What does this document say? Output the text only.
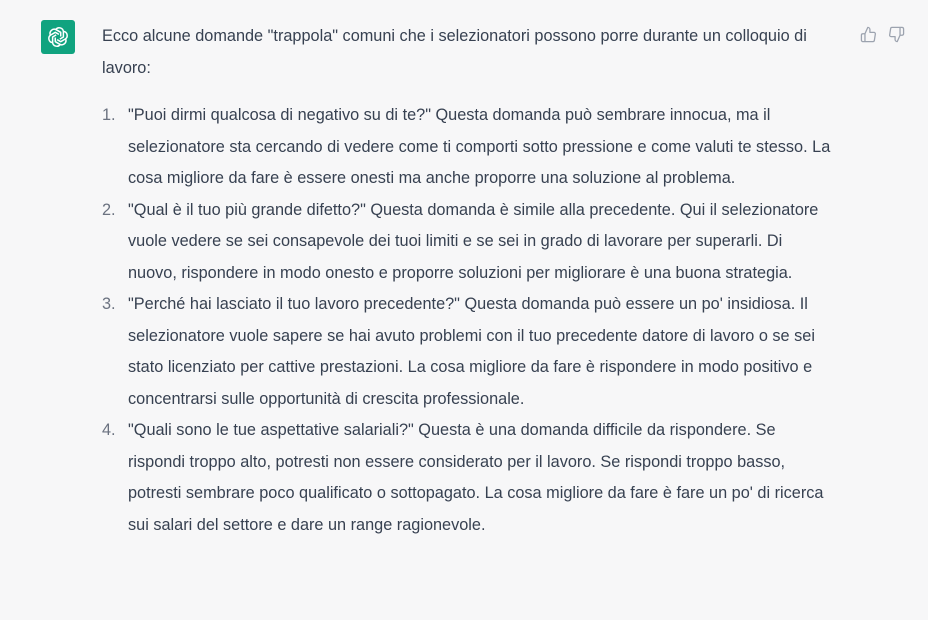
Ecco alcune domande "trappola" comuni che i selezionatori possono porre durante un colloquio di lavoro:

1. "Puoi dirmi qualcosa di negativo su di te?" Questa domanda può sembrare innocua, ma il selezionatore sta cercando di vedere come ti comporti sotto pressione e come valuti te stesso. La cosa migliore da fare è essere onesti ma anche proporre una soluzione al problema.
2. "Qual è il tuo più grande difetto?" Questa domanda è simile alla precedente. Qui il selezionatore vuole vedere se sei consapevole dei tuoi limiti e se sei in grado di lavorare per superarli. Di nuovo, rispondere in modo onesto e proporre soluzioni per migliorare è una buona strategia.
3. "Perché hai lasciato il tuo lavoro precedente?" Questa domanda può essere un po' insidiosa. Il selezionatore vuole sapere se hai avuto problemi con il tuo precedente datore di lavoro o se sei stato licenziato per cattive prestazioni. La cosa migliore da fare è rispondere in modo positivo e concentrarsi sulle opportunità di crescita professionale.
4. "Quali sono le tue aspettative salariali?" Questa è una domanda difficile da rispondere. Se rispondi troppo alto, potresti non essere considerato per il lavoro. Se rispondi troppo basso, potresti sembrare poco qualificato o sottopagato. La cosa migliore da fare è fare un po' di ricerca sui salari del settore e dare un range ragionevole.
